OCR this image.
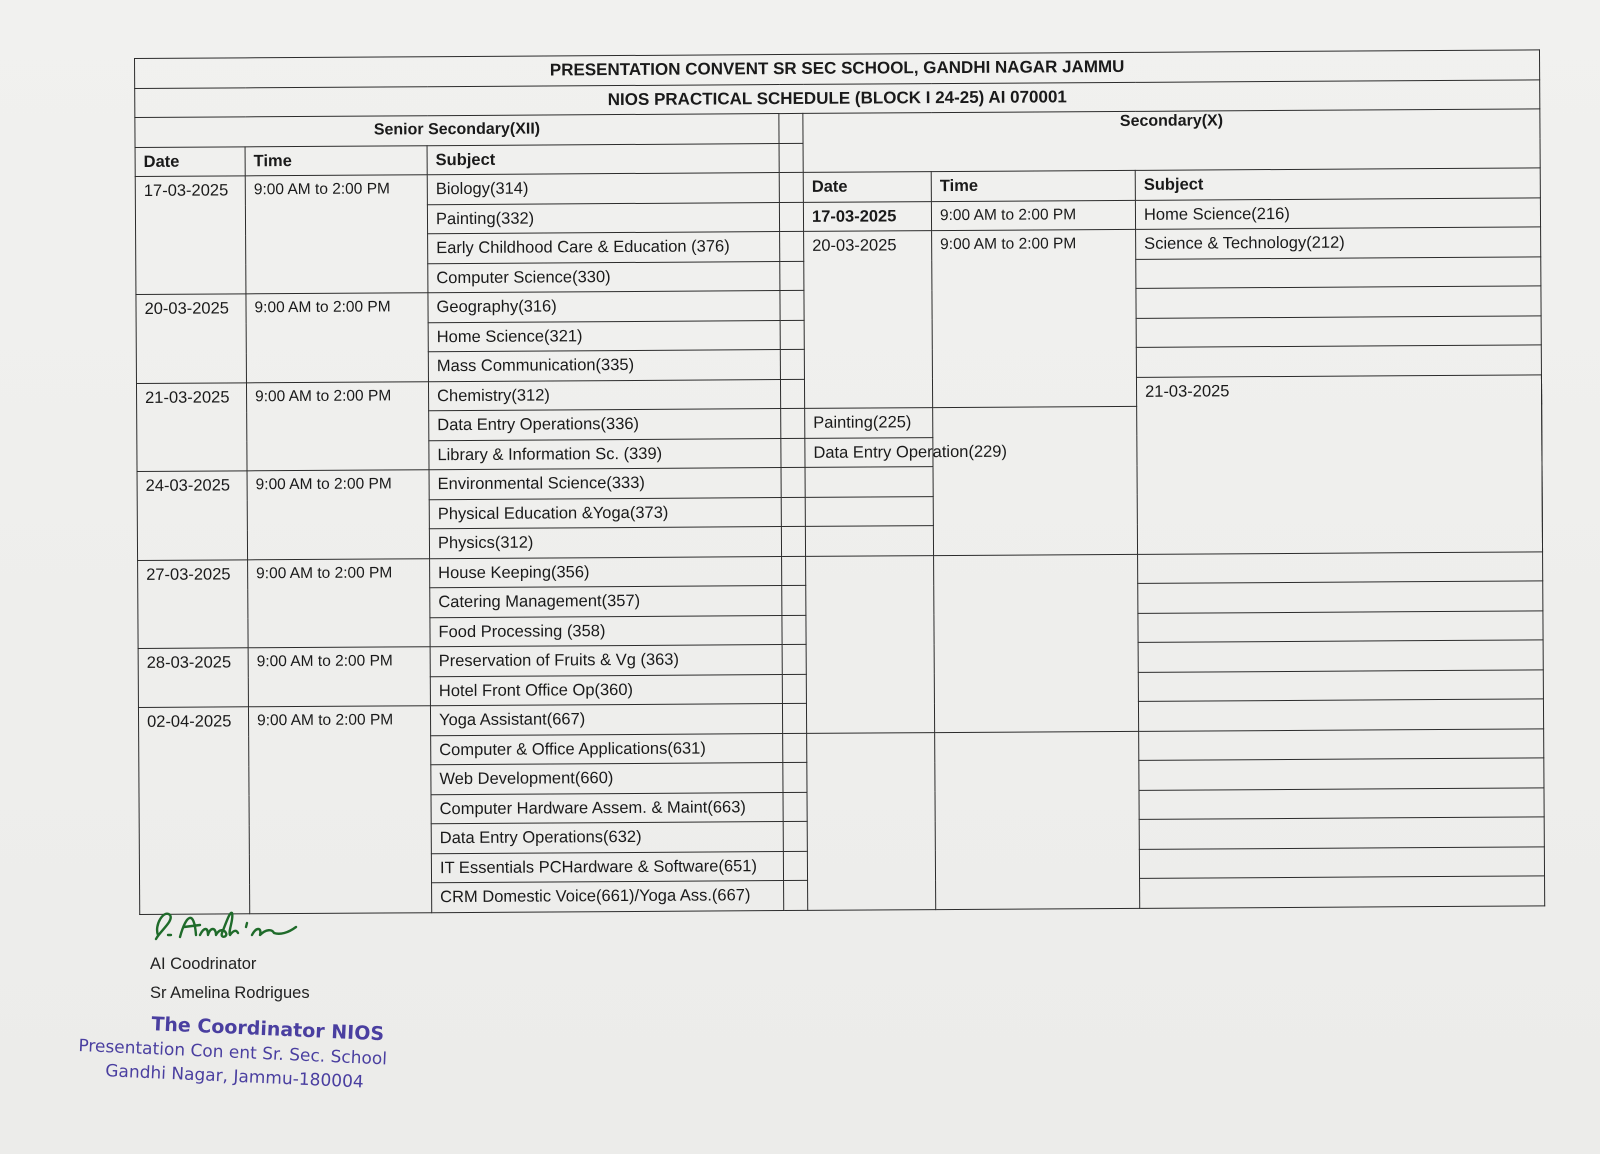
PRESENTATION CONVENT SR SEC SCHOOL, GANDHI NAGAR JAMMU							
NIOS PRACTICAL SCHEDULE (BLOCK I 24-25) AI 070001							
Senior Secondary(XII)				Secondary(X)			

Date	Time	Subject					
17-03-2025	9:00 AM to 2:00 PM	Biology(314)		Date	Time	Subject	
		Painting(332)		17-03-2025	9:00 AM to 2:00 PM	Home Science(216)	
		Early Childhood Care & Education (376)		20-03-2025	9:00 AM to 2:00 PM	Science & Technology(212)	
		Computer Science(330)					
20-03-2025	9:00 AM to 2:00 PM	Geography(316)					
		Home Science(321)					
		Mass Communication(335)					
21-03-2025	9:00 AM to 2:00 PM	Chemistry(312)				21-03-2025		
		Data Entry Operations(336)		Painting(225)			
		Library & Information Sc. (339)		Data Entry Operation(229)			
24-03-2025	9:00 AM to 2:00 PM	Environmental Science(333)					
		Physical Education &Yoga(373)					
		Physics(312)					
27-03-2025	9:00 AM to 2:00 PM	House Keeping(356)					
		Catering Management(357)					
		Food Processing (358)					
28-03-2025	9:00 AM to 2:00 PM	Preservation of Fruits & Vg (363)					
		Hotel Front Office Op(360)					
02-04-2025	9:00 AM to 2:00 PM	Yoga Assistant(667)					
		Computer & Office Applications(631)					
		Web Development(660)					
		Computer Hardware Assem. & Maint(663)					
		Data Entry Operations(632)					
		IT Essentials PCHardware & Software(651)					
		CRM Domestic Voice(661)/Yoga Ass.(667)					
AI Coodrinator
Sr Amelina Rodrigues
The Coordinator NIOS
Presentation Con ent Sr. Sec. School
Gandhi Nagar, Jammu-180004
